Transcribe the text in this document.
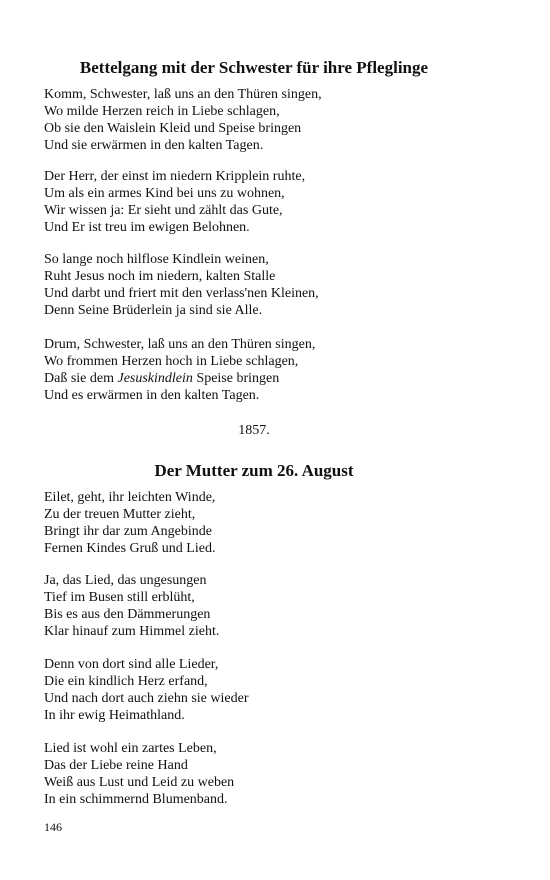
Bettelgang mit der Schwester für ihre Pfleglinge
Komm, Schwester, laß uns an den Thüren singen,
Wo milde Herzen reich in Liebe schlagen,
Ob sie den Waislein Kleid und Speise bringen
Und sie erwärmen in den kalten Tagen.
Der Herr, der einst im niedern Kripplein ruhte,
Um als ein armes Kind bei uns zu wohnen,
Wir wissen ja: Er sieht und zählt das Gute,
Und Er ist treu im ewigen Belohnen.
So lange noch hilflose Kindlein weinen,
Ruht Jesus noch im niedern, kalten Stalle
Und darbt und friert mit den verlass'nen Kleinen,
Denn Seine Brüderlein ja sind sie Alle.
Drum, Schwester, laß uns an den Thüren singen,
Wo frommen Herzen hoch in Liebe schlagen,
Daß sie dem Jesuskindlein Speise bringen
Und es erwärmen in den kalten Tagen.
1857.
Der Mutter zum 26. August
Eilet, geht, ihr leichten Winde,
Zu der treuen Mutter zieht,
Bringt ihr dar zum Angebinde
Fernen Kindes Gruß und Lied.
Ja, das Lied, das ungesungen
Tief im Busen still erblüht,
Bis es aus den Dämmerungen
Klar hinauf zum Himmel zieht.
Denn von dort sind alle Lieder,
Die ein kindlich Herz erfand,
Und nach dort auch ziehn sie wieder
In ihr ewig Heimathland.
Lied ist wohl ein zartes Leben,
Das der Liebe reine Hand
Weiß aus Lust und Leid zu weben
In ein schimmernd Blumenband.
146
